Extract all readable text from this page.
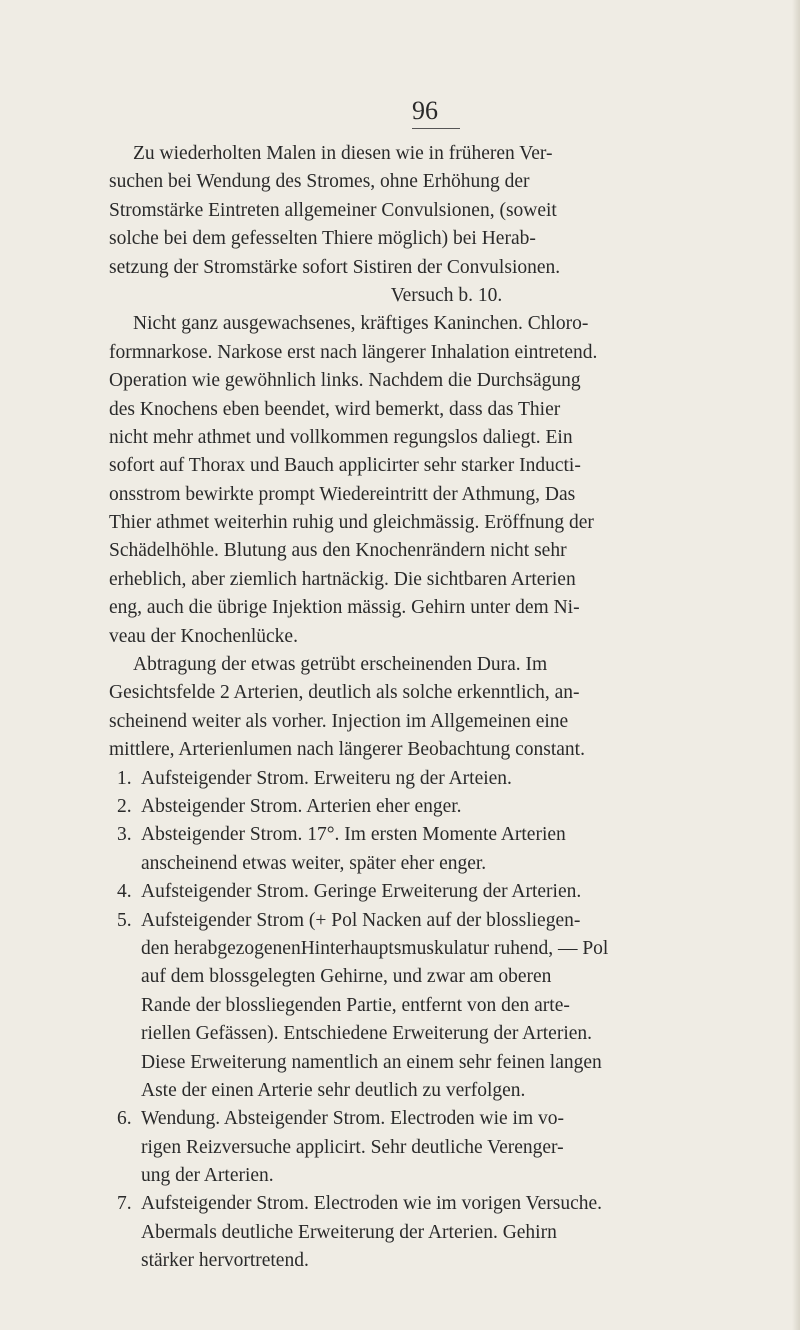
96
Zu wiederholten Malen in diesen wie in früheren Ver-
suchen bei Wendung des Stromes, ohne Erhöhung der
Stromstärke Eintreten allgemeiner Convulsionen, (soweit
solche bei dem gefesselten Thiere möglich) bei Herab-
setzung der Stromstärke sofort Sistiren der Convulsionen.
Versuch b. 10.
Nicht ganz ausgewachsenes, kräftiges Kaninchen. Chloro-
formnarkose. Narkose erst nach längerer Inhalation eintretend.
Operation wie gewöhnlich links. Nachdem die Durchsägung
des Knochens eben beendet, wird bemerkt, dass das Thier
nicht mehr athmet und vollkommen regungslos daliegt. Ein
sofort auf Thorax und Bauch applicirter sehr starker Inducti-
onsstrom bewirkte prompt Wiedereintritt der Athmung, Das
Thier athmet weiterhin ruhig und gleichmässig. Eröffnung der
Schädelhöhle. Blutung aus den Knochenrändern nicht sehr
erheblich, aber ziemlich hartnäckig. Die sichtbaren Arterien
eng, auch die übrige Injektion mässig. Gehirn unter dem Ni-
veau der Knochenlücke.
Abtragung der etwas getrübt erscheinenden Dura. Im
Gesichtsfelde 2 Arterien, deutlich als solche erkenntlich, an-
scheinend weiter als vorher. Injection im Allgemeinen eine
mittlere, Arterienlumen nach längerer Beobachtung constant.
1. Aufsteigender Strom. Erweiteru ng der Arteien.
2. Absteigender Strom. Arterien eher enger.
3. Absteigender Strom. 17°. Im ersten Momente Arterien
anscheinend etwas weiter, später eher enger.
4. Aufsteigender Strom. Geringe Erweiterung der Arterien.
5. Aufsteigender Strom (+ Pol Nacken auf der blossliegen-
den herabgezogenenHinterhauptsmuskulatur ruhend, — Pol
auf dem blossgelegten Gehirne, und zwar am oberen
Rande der blossliegenden Partie, entfernt von den arte-
riellen Gefässen). Entschiedene Erweiterung der Arterien.
Diese Erweiterung namentlich an einem sehr feinen langen
Aste der einen Arterie sehr deutlich zu verfolgen.
6. Wendung. Absteigender Strom. Electroden wie im vo-
rigen Reizversuche applicirt. Sehr deutliche Verenger-
ung der Arterien.
7. Aufsteigender Strom. Electroden wie im vorigen Versuche.
Abermals deutliche Erweiterung der Arterien. Gehirn
stärker hervortretend.
